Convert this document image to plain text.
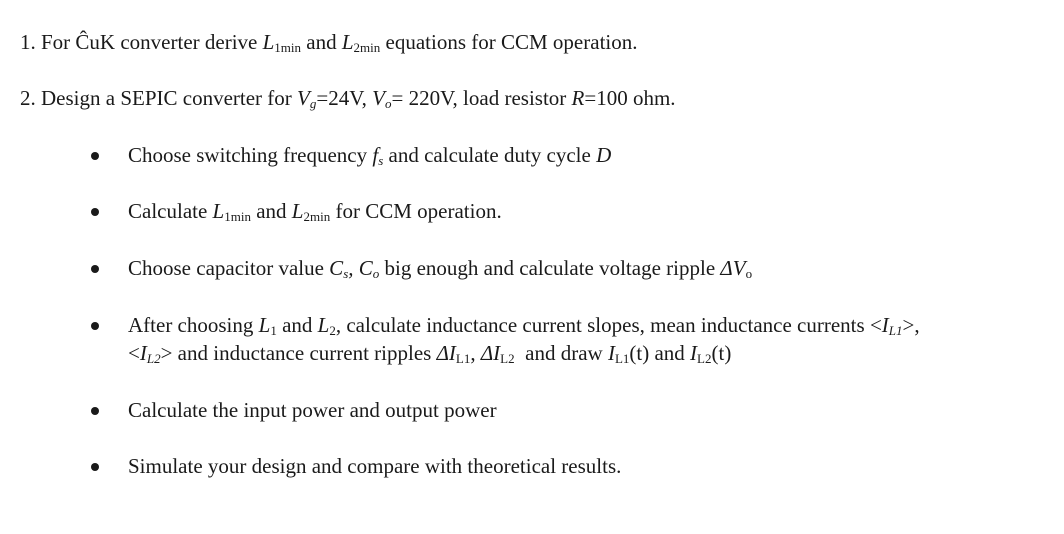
1. For ĈuK converter derive $L_{1min}$ and $L_{2min}$ equations for CCM operation.
2. Design a SEPIC converter for $V_g=24V$, $V_o= 220V$, load resistor R=100 ohm.
Choose switching frequency $f_s$ and calculate duty cycle D
Calculate $L_{1min}$ and $L_{2min}$ for CCM operation.
Choose capacitor value $C_s$, $C_o$ big enough and calculate voltage ripple $\Delta V_o$
After choosing $L_1$ and $L_2$, calculate inductance current slopes, mean inductance currents $<I_{L1}>$,
$<I_{L2}>$ and inductance current ripples $\Delta I_{L1}$, $\Delta I_{L2}$ and draw $I_{L1}(t)$ and $I_{L2}(t)$
Calculate the input power and output power
Simulate your design and compare with theoretical results.
